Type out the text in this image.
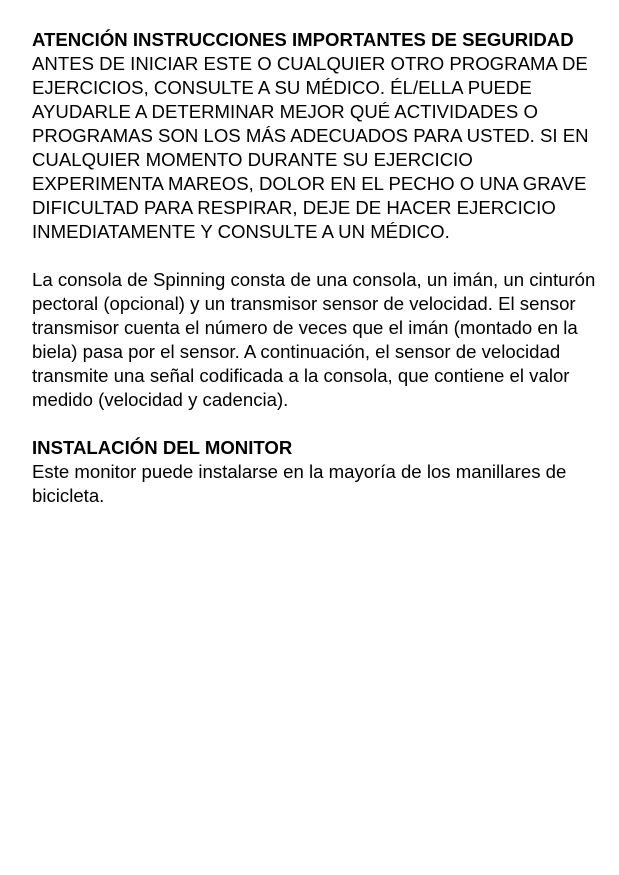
ATENCIÓN INSTRUCCIONES IMPORTANTES DE SEGURIDAD

ANTES DE INICIAR ESTE O CUALQUIER OTRO PROGRAMA DE EJERCICIOS, CONSULTE A SU MÉDICO. ÉL/ELLA PUEDE AYUDARLE A DETERMINAR MEJOR QUÉ ACTIVIDADES O PROGRAMAS SON LOS MÁS ADECUADOS PARA USTED. SI EN CUALQUIER MOMENTO DURANTE SU EJERCICIO EXPERIMENTA MAREOS, DOLOR EN EL PECHO O UNA GRAVE DIFICULTAD PARA RESPIRAR, DEJE DE HACER EJERCICIO INMEDIATAMENTE Y CONSULTE A UN MÉDICO.

La consola de Spinning consta de una consola, un imán, un cinturón pectoral (opcional) y un transmisor sensor de velocidad. El sensor transmisor cuenta el número de veces que el imán (montado en la biela) pasa por el sensor. A continuación, el sensor de velocidad transmite una señal codificada a la consola, que contiene el valor medido (velocidad y cadencia).

INSTALACIÓN DEL MONITOR

Este monitor puede instalarse en la mayoría de los manillares de bicicleta.
